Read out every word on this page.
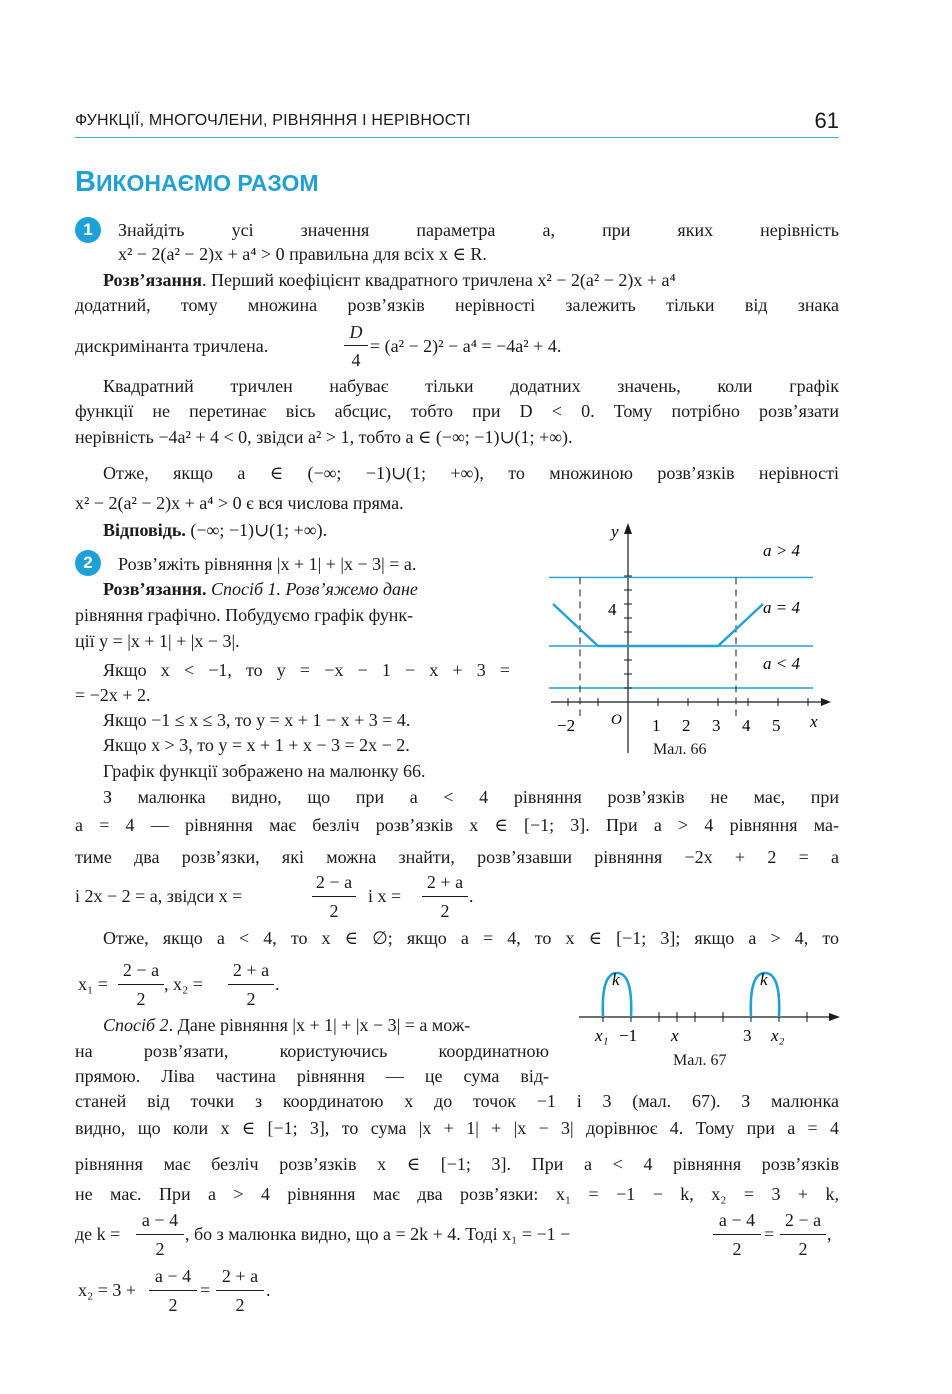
ФУНКЦІЇ, МНОГОЧЛЕНИ, РІВНЯННЯ І НЕРІВНОСТІ	61
ВИКОНАЄМО РАЗОМ
1	Знайдіть усі значення параметра a, при яких нерівність
x² − 2(a² − 2)x + a⁴ > 0 правильна для всіх x ∈ R.
Розв’язання. Перший коефіцієнт квадратного тричлена x² − 2(a² − 2)x + a⁴
додатний, тому множина розв’язків нерівності залежить тільки від знака
дискримінанта тричлена.
D
4
= (a² − 2)² − a⁴ = −4a² + 4.
Квадратний тричлен набуває тільки додатних значень, коли графік
функції не перетинає вісь абсцис, тобто при D < 0. Тому потрібно розв’язати
нерівність −4a² + 4 < 0, звідси a² > 1, тобто a ∈ (−∞; −1)∪(1; +∞).
Отже, якщо a ∈ (−∞; −1)∪(1; +∞), то множиною розв’язків нерівності
x² − 2(a² − 2)x + a⁴ > 0 є вся числова пряма.
Відповідь. (−∞; −1)∪(1; +∞).
2	Розв’яжіть рівняння |x + 1| + |x − 3| = a.
Розв’язання. Спосіб 1. Розв’яжемо дане
рівняння графічно. Побудуємо графік функ-
ції y = |x + 1| + |x − 3|.
Якщо x < −1, то y = −x − 1 − x + 3 =
= −2x + 2.
Якщо −1 ≤ x ≤ 3, то y = x + 1 − x + 3 = 4.
Якщо x > 3, то y = x + 1 + x − 3 = 2x − 2.
Графік функції зображено на малюнку 66.
y
x
O
4
a > 4
a = 4
a < 4
−2	1 2 3 4 5
Мал. 66
З малюнка видно, що при a < 4 рівняння розв’язків не має, при
a = 4 — рівняння має безліч розв’язків x ∈ [−1; 3]. При a > 4 рівняння ма-
тиме два розв’язки, які можна знайти, розв’язавши рівняння −2x + 2 = a
і 2x − 2 = a, звідси x =
2 − a
2
і x =
2 + a
2
.
Отже, якщо a < 4, то x ∈ ∅; якщо a = 4, то x ∈ [−1; 3]; якщо a > 4, то
x₁ =
2 − a
2
, x₂ =
2 + a
2
.
Спосіб 2. Дане рівняння |x + 1| + |x − 3| = a мож-
на розв’язати, користуючись координатною
прямою. Ліва частина рівняння — це сума від-
k	k
x₁ −1 x	3 x₂
Мал. 67
станей від точки з координатою x до точок −1 і 3 (мал. 67). З малюнка
видно, що коли x ∈ [−1; 3], то сума |x + 1| + |x − 3| дорівнює 4. Тому при a = 4
рівняння має безліч розв’язків x ∈ [−1; 3]. При a < 4 рівняння розв’язків
не має. При a > 4 рівняння має два розв’язки: x₁ = −1 − k, x₂ = 3 + k,
де k =
a − 4
2
, бо з малюнка видно, що a = 2k + 4. Тоді x₁ = −1 −
a − 4
2
=
2 − a
2
,
x₂ = 3 +
a − 4
2
=
2 + a
2
.
